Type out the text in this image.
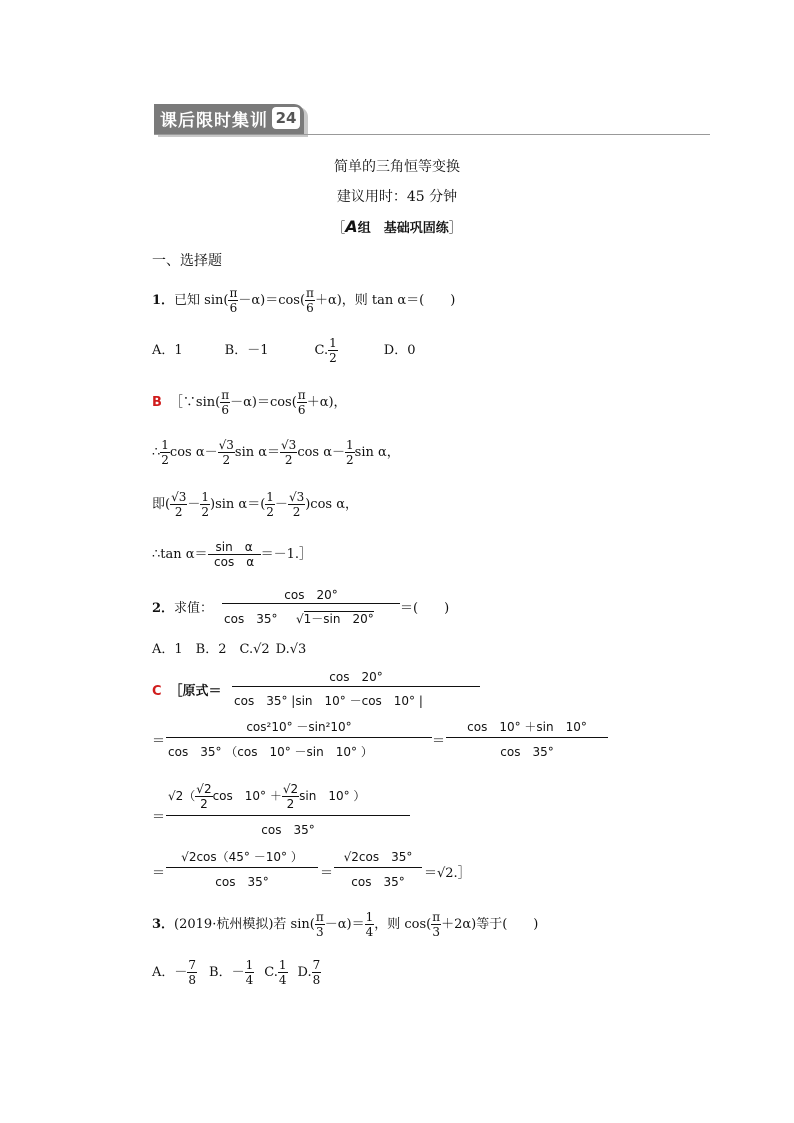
课后限时集训 24
简单的三角恒等变换
建议用时：45 分钟
［A组　基础巩固练］
一、选择题
1．已知 $\sin( \frac{\pi}{6} -\alpha)=\cos( \frac{\pi}{6} +\alpha)$，则 tan α＝(　　)
A．1	B．－1	C. $\frac{1}{2}$	D．0
B ［∵sin( $\frac{\pi}{6} -\alpha)=\cos( \frac{\pi}{6} +\alpha)$，
∴ $\frac{1}{2}$ $\cos \alpha- \frac{√3}{2}$ $\sin \alpha= \frac{√3}{2}$ $\cos \alpha- \frac{1}{2}$ sin α，
即( $\frac{√3}{2} - \frac{1}{2} )\sin$ $\alpha=( \frac{1}{2} - \frac{√3}{2} )\cos$ α，
∴tan $\alpha= \frac{\text{sin　α}}{\text{cos　α}}$ ＝－1.］
2．求值：
cos　20°
cos　35° √1－sin　20°
＝(　　)
A．1　B．2　C.√2 D.√3
C ［原式＝
cos　20°
cos　35° |sin　10° －cos　10° |
＝
cos²10° －sin²10°
cos　35° （cos　10° －sin　10° ）
＝
cos　10° ＋sin　10°
cos　35°
＝
$√2( \frac{√2}{2}$ cos　$10^\circ + \frac{√2}{2}$ sin　10° ）
cos　35°
＝
√2cos（45° －10° ）
cos　35°
＝
√2cos　35°
cos　35°
＝√2.］
3．(2019·杭州模拟)若 $\sin( \frac{\pi}{3} -\alpha)= \frac{1}{4}$ ，则 $\cos( \frac{\pi}{3} +2\alpha)$等于(　　)
A．－ $\frac{7}{8}$ B．－ $\frac{1}{4} C$. $\frac{1}{4} D$. $\frac{7}{8}$
